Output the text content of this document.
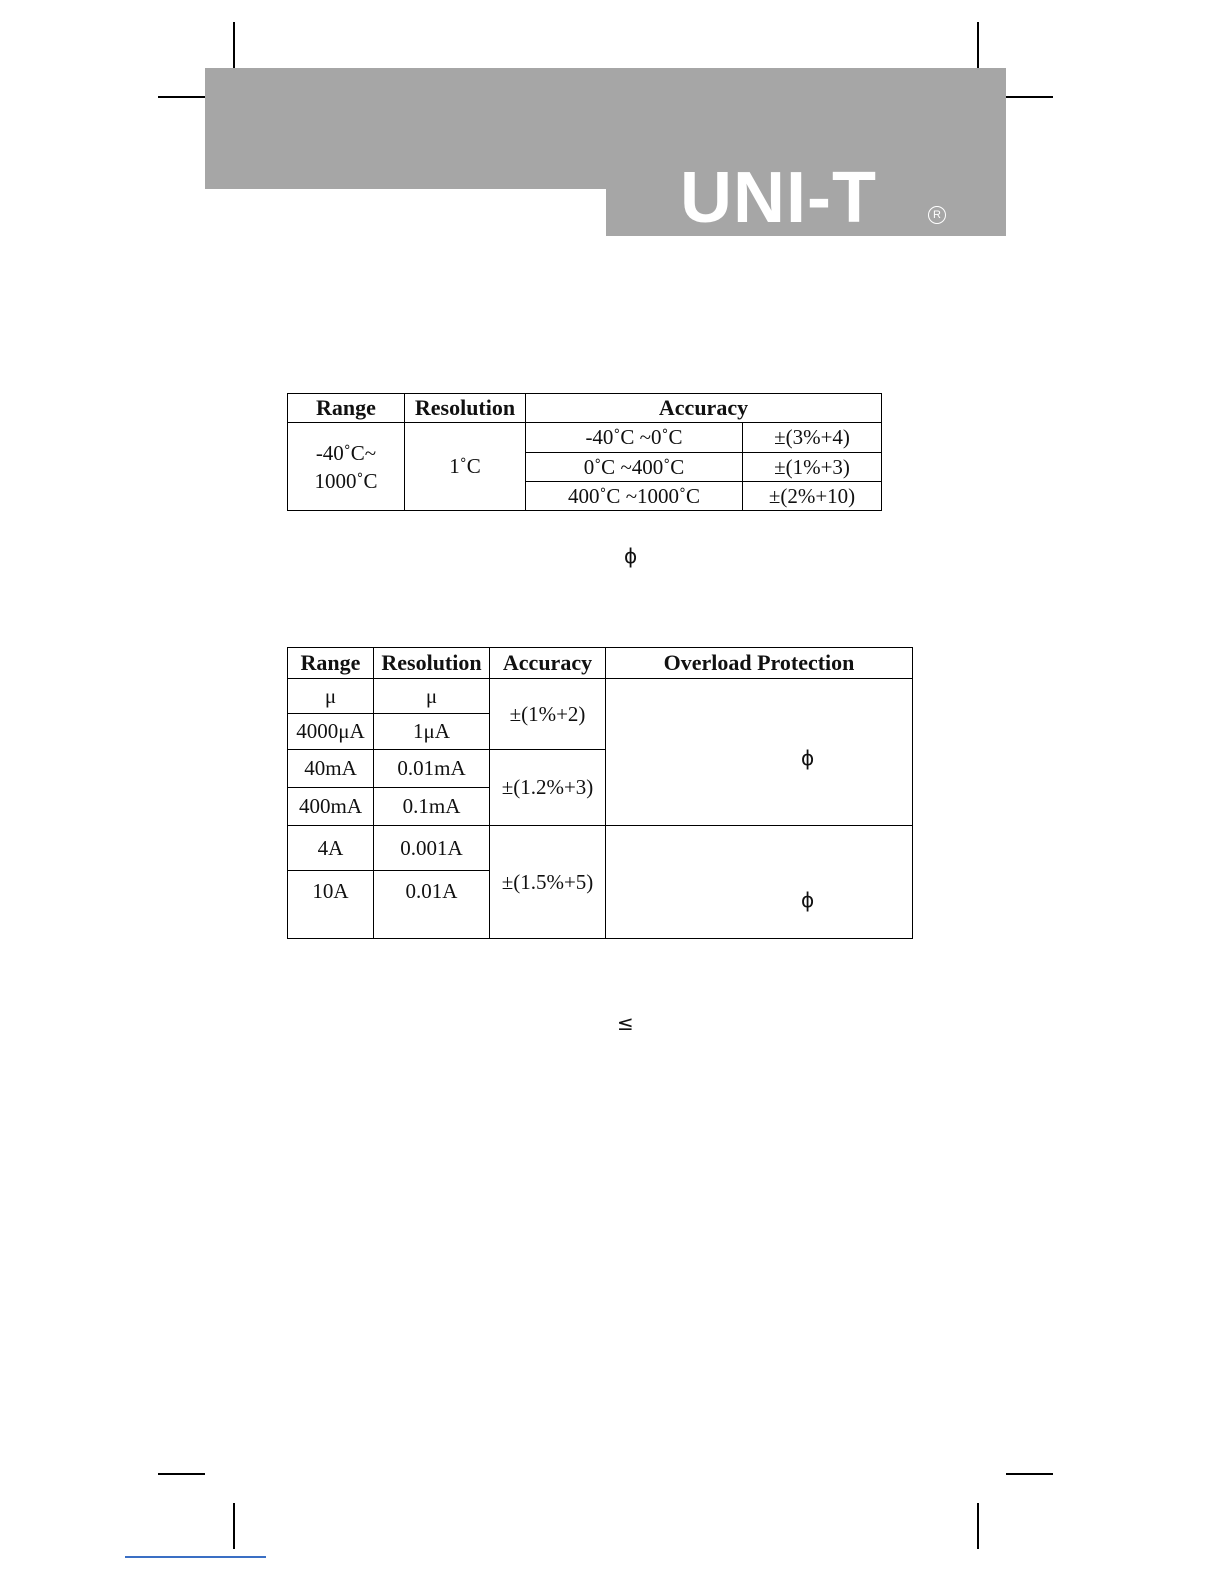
UNI-T	R
Range	Resolution	Accuracy	
-40˚C~ 1000˚C	1˚C	-40˚C ~0˚C	±(3%+4)
		0˚C ~400˚C	±(1%+3)
		400˚C ~1000˚C	±(2%+10)
ϕ
Range	Resolution	Accuracy	Overload Protection
μ	μ	±(1%+2)	ϕ

4000μA	1μA		
40mA	0.01mA	±(1.2%+3)	
400mA	0.1mA		
4A	0.001A	±(1.5%+5)	ϕ

10A	0.01A		
≤
